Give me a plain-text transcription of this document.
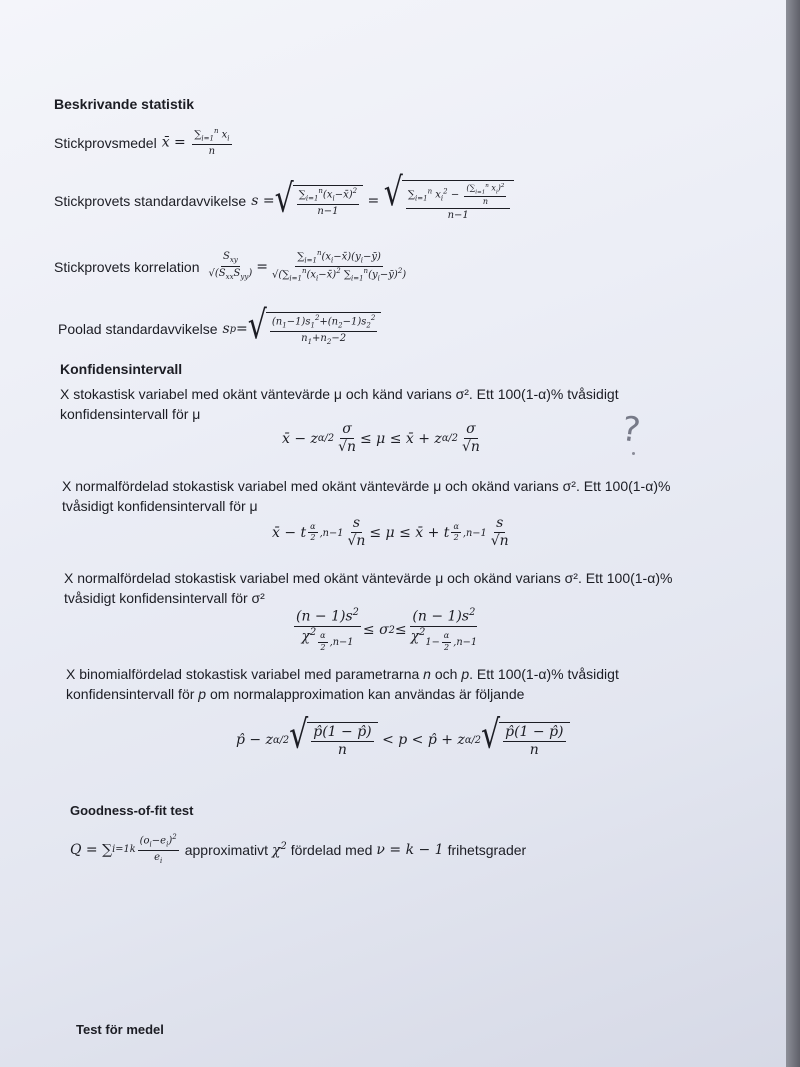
Beskrivande statistik
Stickprovsmedel x̄ = $\frac{\sum_{i=1}^n x_i}{n}$
Stickprovets standardavvikelse s = √ $\frac{\sum_{i=1}^n(x_i-x̄)^2}{n-1}$ = √ $\frac{\sum_{i=1}^n x_i^2 - \frac{(\sum_{i=1}^n x_i)^2}{n}}{n-1}$
Stickprovets korrelation $\frac{S_{xy}}{√(S_{xx}S_{yy})} = \frac{\sum_{i=1}^n(x_i-x̄)(y_i-ȳ)}{√(\sum_{i=1}^n(x_i-x̄)^2 \sum_{i=1}^n(y_i-ȳ)^2)}$
Poolad standardavvikelse s p = √ $\frac{(n_1-1)s_1^2+(n_2-1)s_2^2}{n_1+n_2-2}$
Konfidensintervall
X stokastisk variabel med okänt väntevärde μ och känd varians σ². Ett 100(1-α)% tvåsidigt konfidensintervall för μ
x̄ − z $\alpha/2 \frac{\sigma}{√n} \le \mu$ ≤ x̄ + z $\alpha/2 \frac{\sigma}{√n}$	?
X normalfördelad stokastisk variabel med okänt väntevärde μ och okänd varians σ². Ett 100(1-α)% tvåsidigt konfidensintervall för μ
x̄ − t $\frac{\alpha}{2} ,n-1 \frac{s}{√n} \le \mu$ ≤ x̄ + t $\frac{\alpha}{2} ,n-1 \frac{s}{√n}$
X normalfördelad stokastisk variabel med okänt väntevärde μ och okänd varians σ². Ett 100(1-α)% tvåsidigt konfidensintervall för σ²
$(n - 1)s^2$
$\chi^2$ $_{\frac{\alpha}{2} ,n-1}$ ≤ σ $2 \le (n - 1)s^2$
$\chi^2_{1- \frac{\alpha}{2} ,n-1}$
X binomialfördelad stokastisk variabel med parametrarna n och p. Ett 100(1-α)% tvåsidigt
konfidensintervall för p om normalapproximation kan användas är följande
p̂ − z α/2 √ $\frac{p̂(1 - p̂)}{n} < p$ < p̂ + z α/2 √ $\frac{p̂(1 - p̂)}{n}$
Goodness-of-fit test
Q = ∑ i=1 k $\frac{(o_i-e_i)^2}{e_i}$ approximativt $\chi^2$ fördelad med ν = k − 1 frihetsgrader
Test för medel
